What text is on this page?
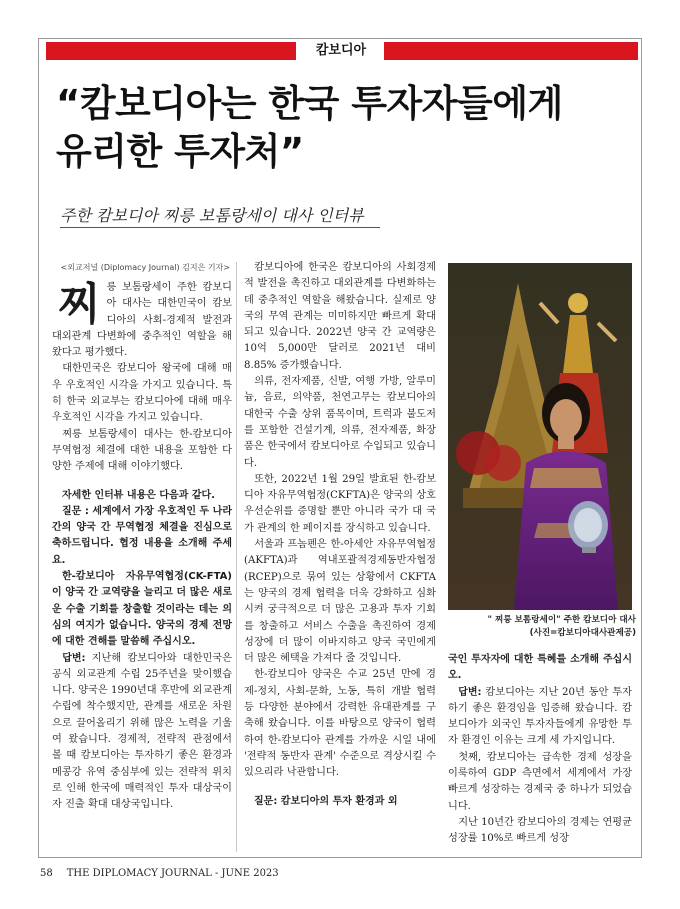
캄보디아
“캄보디아는 한국 투자자들에게
유리한 투자처”
주한 캄보디아 찌릉 보톰랑세이 대사 인터뷰
<외교저널 (Diplomacy Journal) 김지은 기자>

찌릉 보톰랑세이 주한 캄보디아 대사는 대한민국이 캄보디아의 사회-경제적 발전과 대외관계 다변화에 중추적인 역할을 해왔다고 평가했다.

대한민국은 캄보디아 왕국에 대해 매우 우호적인 시각을 가지고 있습니다. 특히 한국 외교부는 캄보디아에 대해 매우 우호적인 시각을 가지고 있습니다.

찌릉 보톰랑세이 대사는 한-캄보디아 무역협정 체결에 대한 내용을 포함한 다양한 주제에 대해 이야기했다.

자세한 인터뷰 내용은 다음과 같다.

질문 : 세계에서 가장 우호적인 두 나라 간의 양국 간 무역협정 체결을 진심으로 축하드립니다. 협정 내용을 소개해 주세요.

한-캄보디아 자유무역협정(CK-FTA)이 양국 간 교역량을 늘리고 더 많은 새로운 수출 기회를 창출할 것이라는 데는 의심의 여지가 없습니다. 양국의 경제 전망에 대한 견해를 말씀해 주십시오.

답변: 지난해 캄보디아와 대한민국은 공식 외교관계 수립 25주년을 맞이했습니다. 양국은 1990년대 후반에 외교관계 수립에 착수했지만, 관계를 새로운 차원으로 끌어올리기 위해 많은 노력을 기울여 왔습니다. 경제적, 전략적 관점에서 볼 때 캄보디아는 투자하기 좋은 환경과 메콩강 유역 중심부에 있는 전략적 위치로 인해 한국에 매력적인 투자 대상국이자 진출 확대 대상국입니다.

캄보디아에 한국은 캄보디아의 사회경제적 발전을 촉진하고 대외관계를 다변화하는 데 중추적인 역할을 해왔습니다. 실제로 양국의 무역 관계는 미미하지만 빠르게 확대되고 있습니다. 2022년 양국 간 교역량은 10억 5,000만 달러로 2021년 대비 8.85% 증가했습니다.

의류, 전자제품, 신발, 여행 가방, 알루미늄, 음료, 의약품, 천연고무는 캄보디아의 대한국 수출 상위 품목이며, 트럭과 불도저를 포함한 건설기계, 의류, 전자제품, 화장품은 한국에서 캄보디아로 수입되고 있습니다.

또한, 2022년 1월 29일 발효된 한-캄보디아 자유무역협정(CKFTA)은 양국의 상호 우선순위를 증명할 뿐만 아니라 국가 대 국가 관계의 한 페이지를 장식하고 있습니다.

서울과 프놈펜은 한-아세안 자유무역협정(AKFTA)과 역내포괄적경제동반자협정(RCEP)으로 묶여 있는 상황에서 CKFTA는 양국의 경제 협력을 더욱 강화하고 심화시켜 궁극적으로 더 많은 고용과 투자 기회를 창출하고 서비스 수출을 촉진하여 경제 성장에 더 많이 이바지하고 양국 국민에게 더 많은 혜택을 가져다 줄 것입니다.

한-캄보디아 양국은 수교 25년 만에 경제-정치, 사회-문화, 노동, 특히 개발 협력 등 다양한 분야에서 강력한 유대관계를 구축해 왔습니다. 이를 바탕으로 양국이 협력하여 한-캄보디아 관계를 가까운 시일 내에 '전략적 동반자 관계' 수준으로 격상시킬 수 있으리라 낙관합니다.

질문: 캄보디아의 투자 환경과 외

" 찌릉 보톰랑세이" 주한 캄보디아 대사
(사진=캄보디아대사관제공)

국인 투자자에 대한 특혜를 소개해 주십시오.

답변: 캄보디아는 지난 20년 동안 투자하기 좋은 환경임을 입증해 왔습니다. 캄보디아가 외국인 투자자들에게 유망한 투자 환경인 이유는 크게 세 가지입니다.

첫째, 캄보디아는 급속한 경제 성장을 이룩하여 GDP 측면에서 세계에서 가장 빠르게 성장하는 경제국 중 하나가 되었습니다.

지난 10년간 캄보디아의 경제는 연평균 성장률 10%로 빠르게 성장

58 THE DIPLOMACY JOURNAL - JUNE 2023
